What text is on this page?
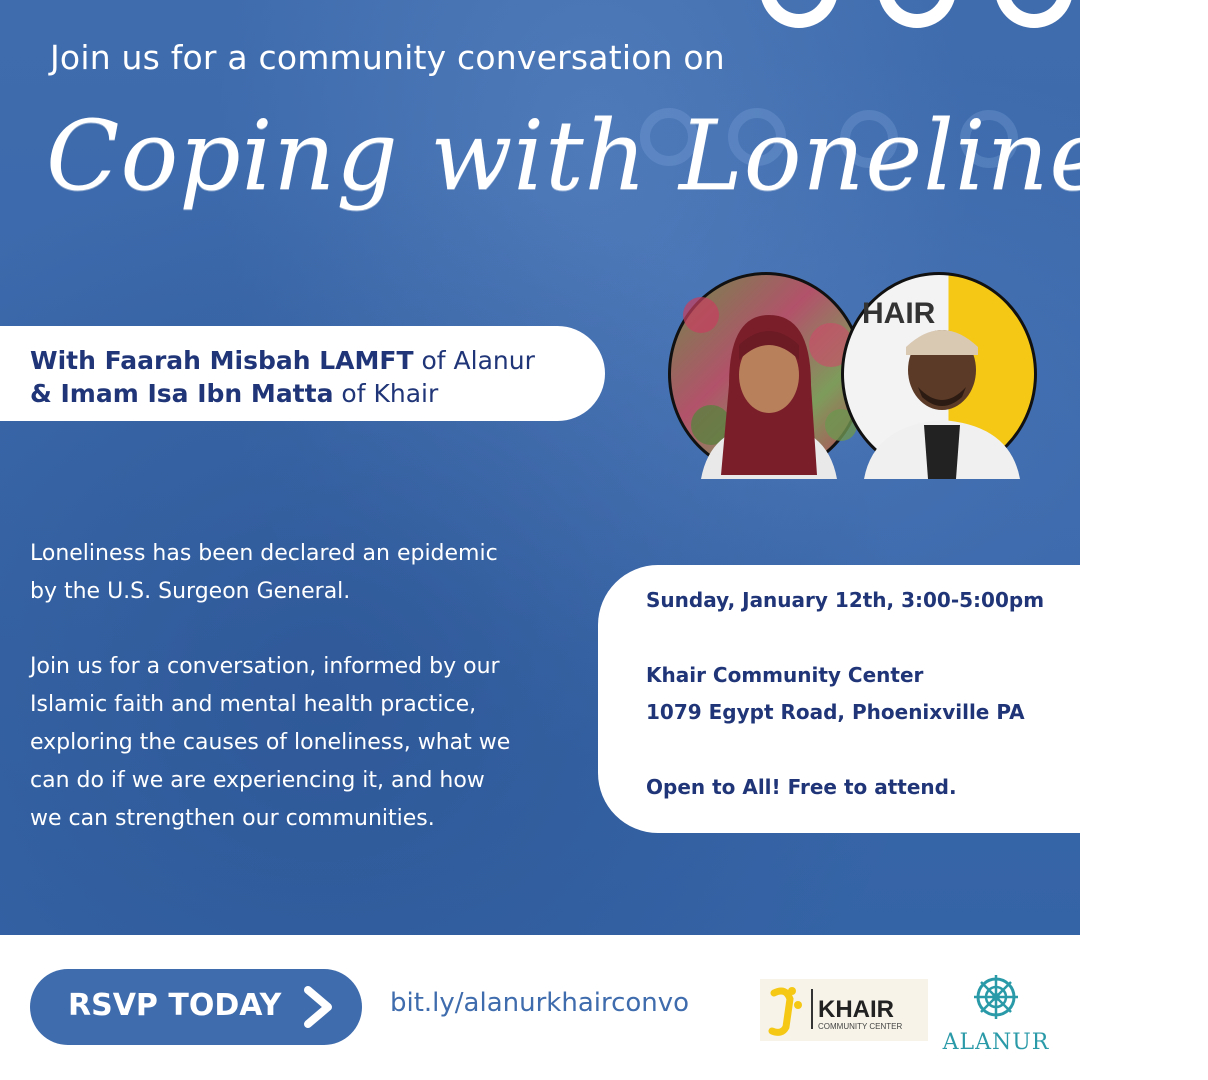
Join us for a community conversation on
Coping with Loneliness
With Faarah Misbah LAMFT of Alanur
& Imam Isa Ibn Matta of Khair
HAIR
Loneliness has been declared an epidemic
by the U.S. Surgeon General.
Join us for a conversation, informed by our
Islamic faith and mental health practice,
exploring the causes of loneliness, what we
can do if we are experiencing it, and how
we can strengthen our communities.
Sunday, January 12th, 3:00-5:00pm
Khair Community Center
1079 Egypt Road, Phoenixville PA
Open to All! Free to attend.
RSVP TODAY	bit.ly/alanurkhairconvo	KHAIR
COMMUNITY CENTER
ALANUR
